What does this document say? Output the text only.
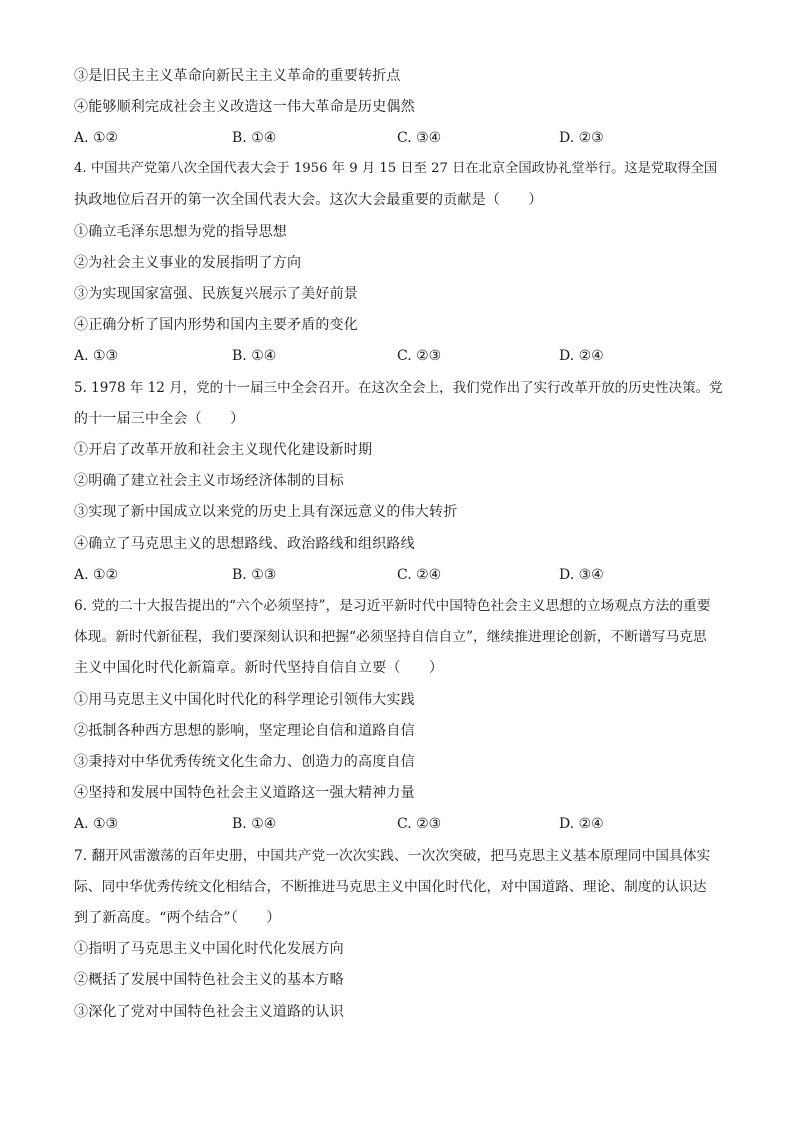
③是旧民主主义革命向新民主主义革命的重要转折点
④能够顺利完成社会主义改造这一伟大革命是历史偶然
A. ①②	B. ①④	C. ③④	D. ②③
4. 中国共产党第八次全国代表大会于 1956 年 9 月 15 日至 27 日在北京全国政协礼堂举行。这是党取得全国
执政地位后召开的第一次全国代表大会。这次大会最重要的贡献是（　　）
①确立毛泽东思想为党的指导思想
②为社会主义事业的发展指明了方向
③为实现国家富强、民族复兴展示了美好前景
④正确分析了国内形势和国内主要矛盾的变化
A. ①③	B. ①④	C. ②③	D. ②④
5. 1978 年 12 月，党的十一届三中全会召开。在这次全会上，我们党作出了实行改革开放的历史性决策。党
的十一届三中全会（　　）
①开启了改革开放和社会主义现代化建设新时期
②明确了建立社会主义市场经济体制的目标
③实现了新中国成立以来党的历史上具有深远意义的伟大转折
④确立了马克思主义的思想路线、政治路线和组织路线
A. ①②	B. ①③	C. ②④	D. ③④
6. 党的二十大报告提出的“六个必须坚持”，是习近平新时代中国特色社会主义思想的立场观点方法的重要
体现。新时代新征程，我们要深刻认识和把握“必须坚持自信自立”，继续推进理论创新，不断谱写马克思
主义中国化时代化新篇章。新时代坚持自信自立要（　　）
①用马克思主义中国化时代化的科学理论引领伟大实践
②抵制各种西方思想的影响，坚定理论自信和道路自信
③秉持对中华优秀传统文化生命力、创造力的高度自信
④坚持和发展中国特色社会主义道路这一强大精神力量
A. ①③	B. ①④	C. ②③	D. ②④
7. 翻开风雷激荡的百年史册，中国共产党一次次实践、一次次突破，把马克思主义基本原理同中国具体实
际、同中华优秀传统文化相结合，不断推进马克思主义中国化时代化，对中国道路、理论、制度的认识达
到了新高度。“两个结合”（　　）
①指明了马克思主义中国化时代化发展方向
②概括了发展中国特色社会主义的基本方略
③深化了党对中国特色社会主义道路的认识
